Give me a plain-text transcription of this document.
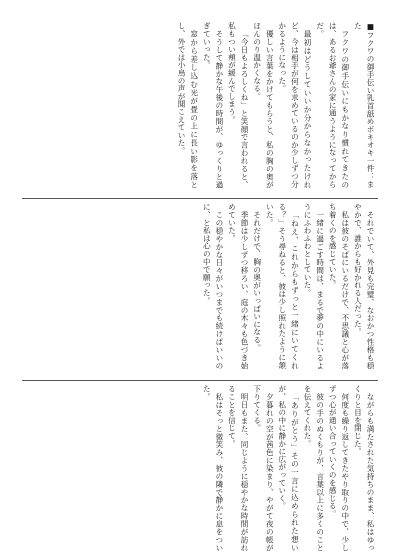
■フクワの御手伝い乳首舐めボキオキ一件：また

フクワの御手伝いにもかなり慣れてきたのは、あるお爺さんの家に通うようになってからだ。

最初はどうしていいか分からなかったけれど、今は相手が何を求めているのか少しずつ分かるようになった。

優しい言葉をかけてもらうと、私の胸の奥がほんのり温かくなる。

「今日もよろしくね」と笑顔で言われると、私もつい頬が緩んでしまう。

そうして静かな午後の時間が、ゆっくりと過ぎていった。

窓から差し込む光が畳の上に長い影を落とし、外では小鳥の声が聞こえていた。

それでいて、外見も完璧、なおかつ性格も穏やかで、誰からも好かれる人だった。

私は彼のそばにいるだけで、不思議と心が落ち着くのを感じていた。

一緒に過ごす時間は、まるで夢の中にいるようにふわふわとしていた。

「ねえ、これからもずっと一緒にいてくれる？」そう尋ねると、彼は少し照れたように頷いた。

それだけで、胸の奥がいっぱいになる。

季節は少しずつ移ろい、庭の木々も色づき始めていた。

この穏やかな日々がいつまでも続けばいいのに、と私は心の中で願った。

ながらも満たされた気持ちのまま、私はゆっくりと目を閉じた。

何度も繰り返してきたやり取りの中で、少しずつ心が通い合っていくのを感じる。

彼の手のぬくもりが、言葉以上に多くのことを伝えてくれた。

「ありがとう」その一言に込められた想いが、私の中に静かに広がっていく。

夕暮れの空が茜色に染まり、やがて夜の帳が下りてくる。

明日もまた、同じように穏やかな時間が訪れることを信じて。

私はそっと微笑み、彼の隣で静かに息をついた。
